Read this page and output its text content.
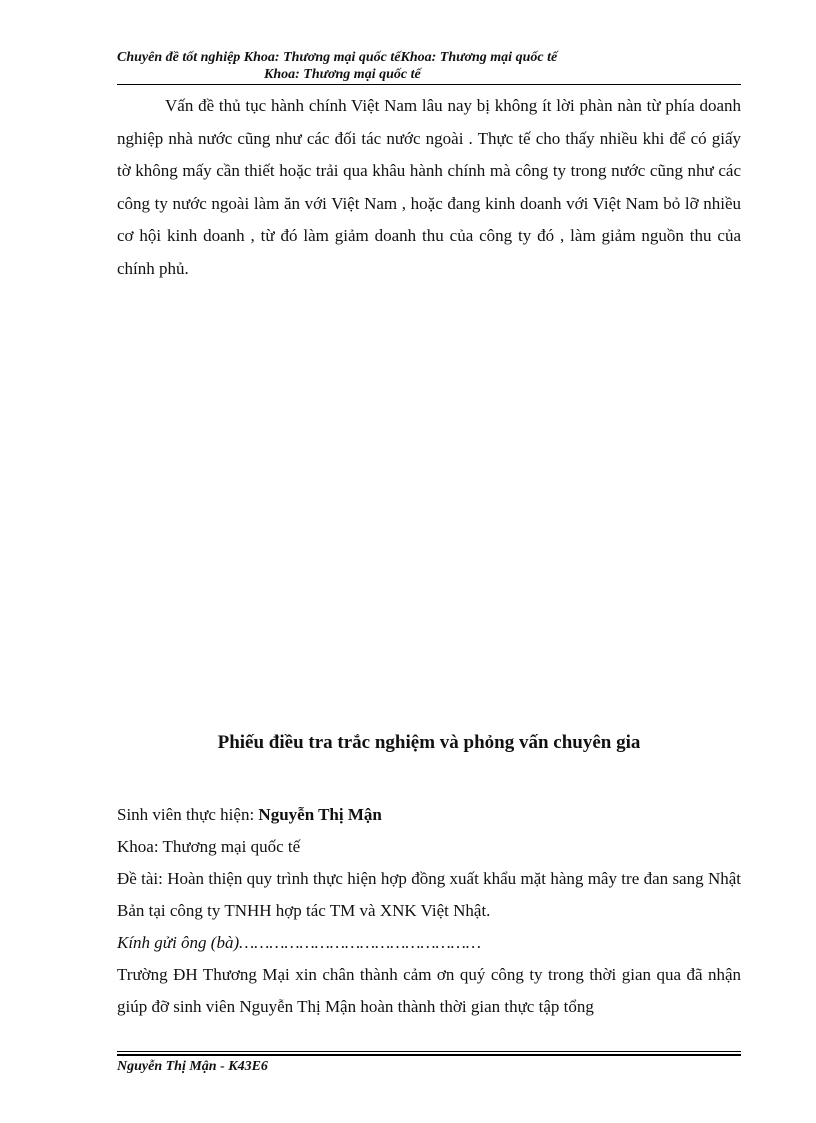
Chuyên đề tốt nghiệp Khoa: Thương mại quốc tếKhoa: Thương mại quốc tế
Khoa: Thương mại quốc tế

Vấn đề thủ tục hành chính Việt Nam lâu nay bị không ít lời phàn nàn từ phía doanh nghiệp nhà nước cũng như các đối tác nước ngoài . Thực tế cho thấy nhiều khi để có giấy tờ không mấy cần thiết hoặc trải qua khâu hành chính mà công ty trong nước cũng như các công ty nước ngoài làm ăn với Việt Nam , hoặc đang kinh doanh với Việt Nam bỏ lỡ nhiều cơ hội kinh doanh , từ đó làm giảm doanh thu của công ty đó , làm giảm nguồn thu của chính phủ.

Phiếu điều tra trắc nghiệm và phỏng vấn chuyên gia
Sinh viên thực hiện: Nguyễn Thị Mận
Khoa: Thương mại quốc tế
Đề tài: Hoàn thiện quy trình thực hiện hợp đồng xuất khẩu mặt hàng mây tre đan sang Nhật Bản tại công ty TNHH hợp tác TM và XNK Việt Nhật.
Kính gửi ông (bà)…………………………………………
Trường ĐH Thương Mại xin chân thành cảm ơn quý công ty trong thời gian qua đã nhận giúp đỡ sinh viên Nguyễn Thị Mận hoàn thành thời gian thực tập tổng
Nguyễn Thị Mận - K43E6
